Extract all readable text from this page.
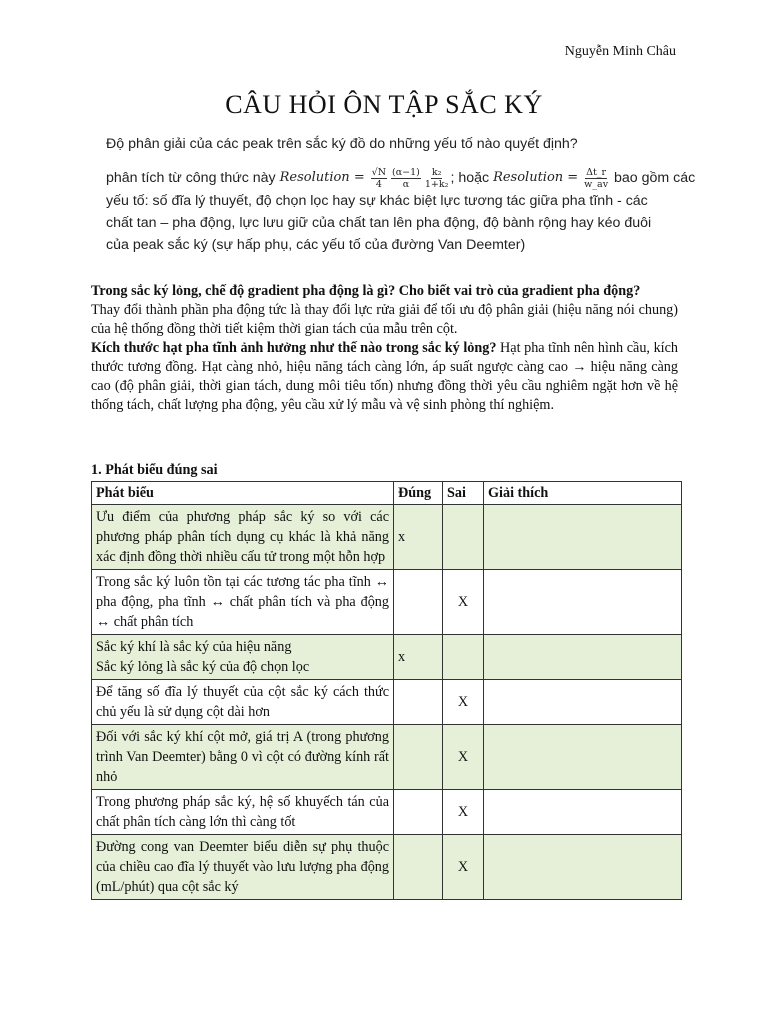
Nguyễn Minh Châu
CÂU HỎI ÔN TẬP SẮC KÝ
Độ phân giải của các peak trên sắc ký đồ do những yếu tố nào quyết định?
phân tích từ công thức này
Resolution =
$\frac{√N}{4} \frac{(\alpha-1)}{\alpha} \frac{\text{k₂}}{\text{1+k₂}}$ ; hoặc
Resolution =
$\frac{\Delta t\_r}{w\_av}$
bao gồm các
yếu tố: số đĩa lý thuyết, độ chọn lọc hay sự khác biệt lực tương tác giữa pha tĩnh - các chất tan – pha động, lực lưu giữ của chất tan lên pha động, độ bành rộng hay kéo đuôi của peak sắc ký (sự hấp phụ, các yếu tố của đường Van Deemter)
Trong sắc ký lỏng, chế độ gradient pha động là gì? Cho biết vai trò của gradient pha động?
Thay đổi thành phần pha động tức là thay đổi lực rửa giải để tối ưu độ phân giải (hiệu năng nói chung) của hệ thống đồng thời tiết kiệm thời gian tách của mẫu trên cột.
Kích thước hạt pha tĩnh ảnh hưởng như thế nào trong sắc ký lỏng? Hạt pha tĩnh nên hình cầu, kích thước tương đồng. Hạt càng nhỏ, hiệu năng tách càng lớn, áp suất ngược càng cao → hiệu năng càng cao (độ phân giải, thời gian tách, dung môi tiêu tốn) nhưng đồng thời yêu cầu nghiêm ngặt hơn về hệ thống tách, chất lượng pha động, yêu cầu xử lý mẫu và vệ sinh phòng thí nghiệm.
1. Phát biểu đúng sai
Phát biểu	Đúng	Sai	Giải thích
Ưu điểm của phương pháp sắc ký so với các phương pháp phân tích dụng cụ khác là khả năng xác định đồng thời nhiều cấu tử trong một hỗn hợp	x		
Trong sắc ký luôn tồn tại các tương tác pha tĩnh ↔ pha động, pha tĩnh ↔ chất phân tích và pha động ↔ chất phân tích		X	
Sắc ký khí là sắc ký của hiệu năng
Sắc ký lỏng là sắc ký của độ chọn lọc	x		
Để tăng số đĩa lý thuyết của cột sắc ký cách thức chủ yếu là sử dụng cột dài hơn		X	
Đối với sắc ký khí cột mở, giá trị A (trong phương trình Van Deemter) bằng 0 vì cột có đường kính rất nhỏ		X	
Trong phương pháp sắc ký, hệ số khuyếch tán của chất phân tích càng lớn thì càng tốt		X	
Đường cong van Deemter biểu diễn sự phụ thuộc của chiều cao đĩa lý thuyết vào lưu lượng pha động (mL/phút) qua cột sắc ký		X	
